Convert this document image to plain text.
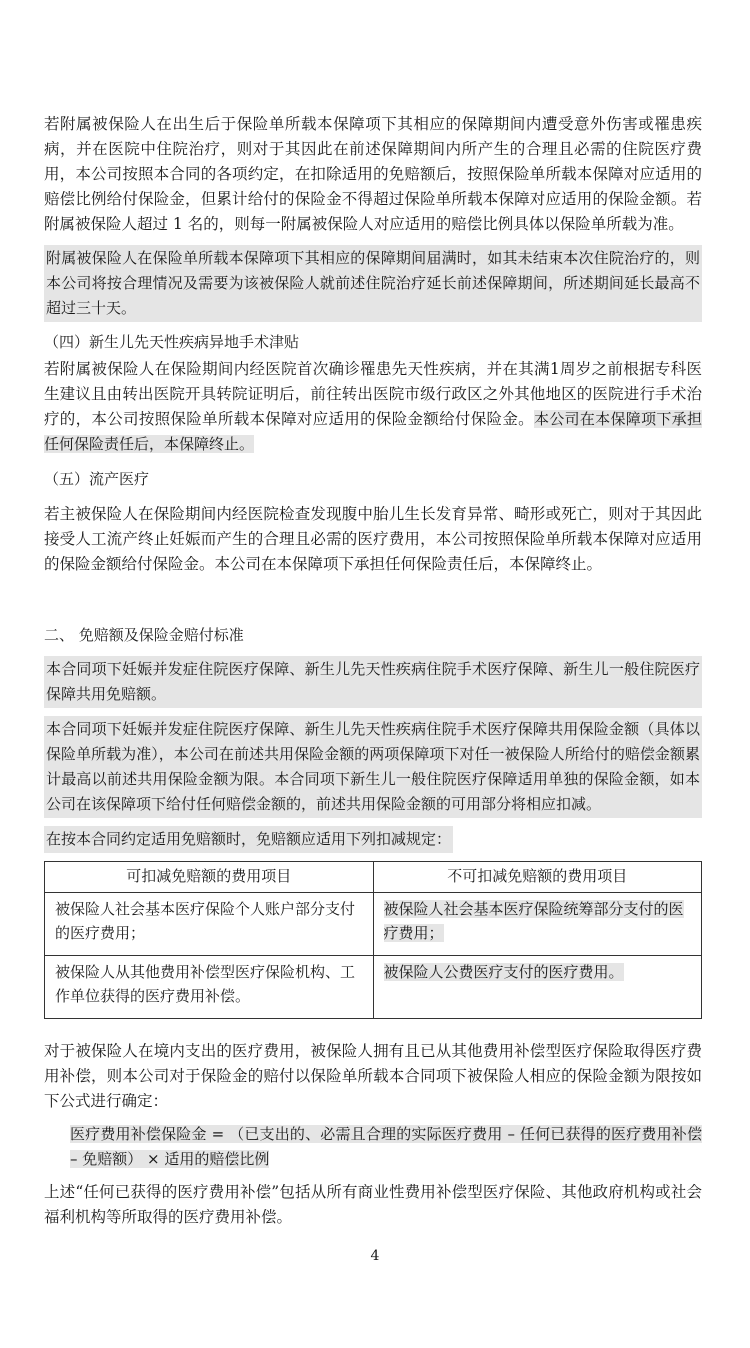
若附属被保险人在出生后于保险单所载本保障项下其相应的保障期间内遭受意外伤害或罹患疾病，并在医院中住院治疗，则对于其因此在前述保障期间内所产生的合理且必需的住院医疗费用，本公司按照本合同的各项约定，在扣除适用的免赔额后，按照保险单所载本保障对应适用的赔偿比例给付保险金，但累计给付的保险金不得超过保险单所载本保障对应适用的保险金额。若附属被保险人超过 1 名的，则每一附属被保险人对应适用的赔偿比例具体以保险单所载为准。

附属被保险人在保险单所载本保障项下其相应的保障期间届满时，如其未结束本次住院治疗的，则本公司将按合理情况及需要为该被保险人就前述住院治疗延长前述保障期间，所述期间延长最高不超过三十天。

（四）新生儿先天性疾病异地手术津贴

若附属被保险人在保险期间内经医院首次确诊罹患先天性疾病，并在其满1周岁之前根据专科医生建议且由转出医院开具转院证明后，前往转出医院市级行政区之外其他地区的医院进行手术治疗的，本公司按照保险单所载本保障对应适用的保险金额给付保险金。本公司在本保障项下承担任何保险责任后，本保障终止。

（五）流产医疗

若主被保险人在保险期间内经医院检查发现腹中胎儿生长发育异常、畸形或死亡，则对于其因此接受人工流产终止妊娠而产生的合理且必需的医疗费用，本公司按照保险单所载本保障对应适用的保险金额给付保险金。本公司在本保障项下承担任何保险责任后，本保障终止。

二、 免赔额及保险金赔付标准

本合同项下妊娠并发症住院医疗保障、新生儿先天性疾病住院手术医疗保障、新生儿一般住院医疗保障共用免赔额。

本合同项下妊娠并发症住院医疗保障、新生儿先天性疾病住院手术医疗保障共用保险金额（具体以保险单所载为准），本公司在前述共用保险金额的两项保障项下对任一被保险人所给付的赔偿金额累计最高以前述共用保险金额为限。本合同项下新生儿一般住院医疗保障适用单独的保险金额，如本公司在该保障项下给付任何赔偿金额的，前述共用保险金额的可用部分将相应扣减。

在按本合同约定适用免赔额时，免赔额应适用下列扣减规定：

可扣减免赔额的费用项目	不可扣减免赔额的费用项目
被保险人社会基本医疗保险个人账户部分支付的医疗费用；	被保险人社会基本医疗保险统筹部分支付的医疗费用；
被保险人从其他费用补偿型医疗保险机构、工作单位获得的医疗费用补偿。	被保险人公费医疗支付的医疗费用。

对于被保险人在境内支出的医疗费用，被保险人拥有且已从其他费用补偿型医疗保险取得医疗费用补偿，则本公司对于保险金的赔付以保险单所载本合同项下被保险人相应的保险金额为限按如下公式进行确定：

医疗费用补偿保险金 = （已支出的、必需且合理的实际医疗费用 – 任何已获得的医疗费用补偿 – 免赔额） × 适用的赔偿比例

上述“任何已获得的医疗费用补偿”包括从所有商业性费用补偿型医疗保险、其他政府机构或社会福利机构等所取得的医疗费用补偿。

4
